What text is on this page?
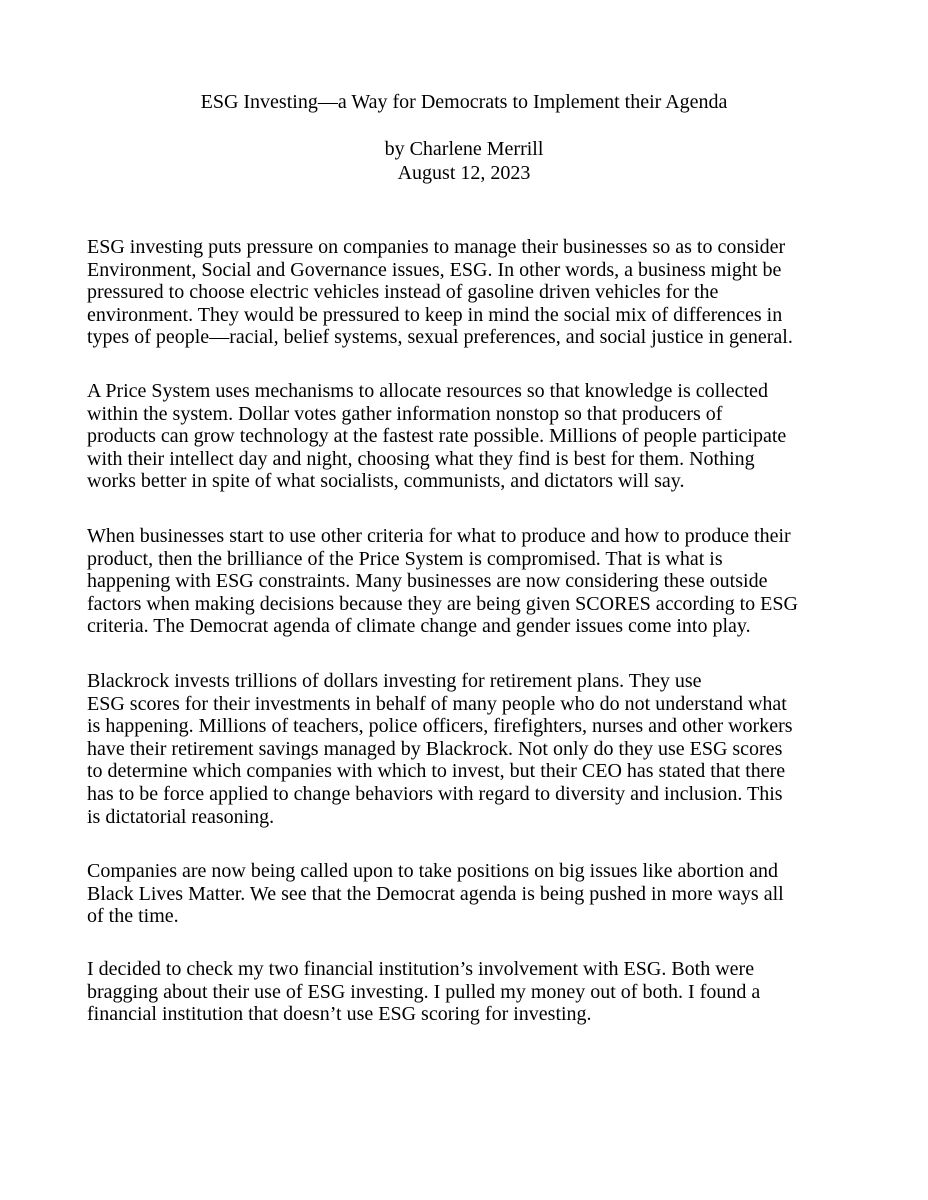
ESG Investing—a Way for Democrats to Implement their Agenda
by Charlene Merrill
August 12, 2023

ESG investing puts pressure on companies to manage their businesses so as to consider
Environment, Social and Governance issues, ESG. In other words, a business might be
pressured to choose electric vehicles instead of gasoline driven vehicles for the
environment. They would be pressured to keep in mind the social mix of differences in
types of people—racial, belief systems, sexual preferences, and social justice in general.

A Price System uses mechanisms to allocate resources so that knowledge is collected
within the system. Dollar votes gather information nonstop so that producers of
products can grow technology at the fastest rate possible. Millions of people participate
with their intellect day and night, choosing what they find is best for them. Nothing
works better in spite of what socialists, communists, and dictators will say.

When businesses start to use other criteria for what to produce and how to produce their
product, then the brilliance of the Price System is compromised. That is what is
happening with ESG constraints. Many businesses are now considering these outside
factors when making decisions because they are being given SCORES according to ESG
criteria. The Democrat agenda of climate change and gender issues come into play.

Blackrock invests trillions of dollars investing for retirement plans. They use
ESG scores for their investments in behalf of many people who do not understand what
is happening. Millions of teachers, police officers, firefighters, nurses and other workers
have their retirement savings managed by Blackrock. Not only do they use ESG scores
to determine which companies with which to invest, but their CEO has stated that there
has to be force applied to change behaviors with regard to diversity and inclusion. This
is dictatorial reasoning.

Companies are now being called upon to take positions on big issues like abortion and
Black Lives Matter. We see that the Democrat agenda is being pushed in more ways all
of the time.

I decided to check my two financial institution’s involvement with ESG. Both were
bragging about their use of ESG investing. I pulled my money out of both. I found a
financial institution that doesn’t use ESG scoring for investing.
